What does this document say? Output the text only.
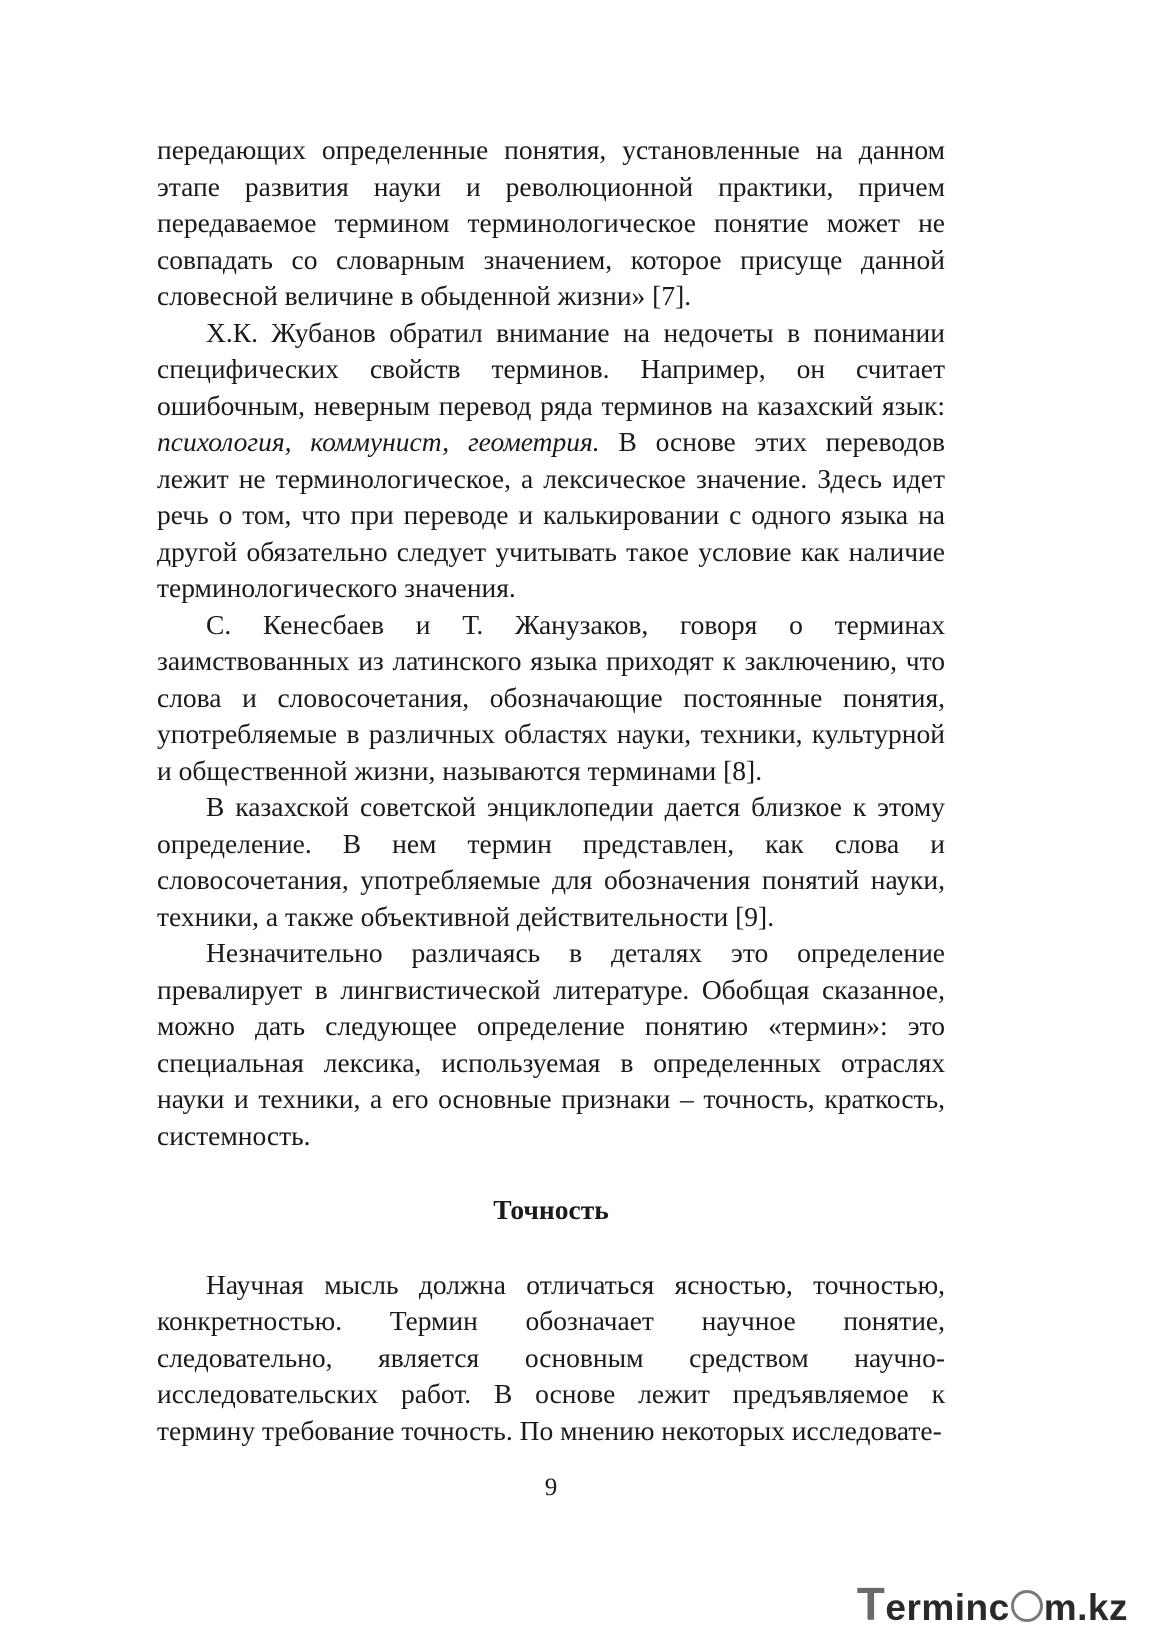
передающих определенные понятия, установленные на данном этапе развития науки и революционной практики, причем передаваемое термином терминологическое понятие может не совпадать со словарным значением, которое присуще данной словесной величине в обыденной жизни» [7].

Х.К. Жубанов обратил внимание на недочеты в понимании специфических свойств терминов. Например, он считает ошибочным, неверным перевод ряда терминов на казахский язык: психология, коммунист, геометрия. В основе этих переводов лежит не терминологическое, а лексическое значение. Здесь идет речь о том, что при переводе и калькировании с одного языка на другой обязательно следует учитывать такое условие как наличие терминологического значения.

С. Кенесбаев и Т. Жанузаков, говоря о терминах заимствованных из латинского языка приходят к заключению, что слова и словосочетания, обозначающие постоянные понятия, употребляемые в различных областях науки, техники, культурной и общественной жизни, называются терминами [8].

В казахской советской энциклопедии дается близкое к этому определение. В нем термин представлен, как слова и словосочетания, употребляемые для обозначения понятий науки, техники, а также объективной действительности [9].

Незначительно различаясь в деталях это определение превалирует в лингвистической литературе. Обобщая сказанное, можно дать следующее определение понятию «термин»: это специальная лексика, используемая в определенных отраслях науки и техники, а его основные признаки – точность, краткость, системность.

Точность

Научная мысль должна отличаться ясностью, точностью, конкретностью. Термин обозначает научное понятие, следовательно, является основным средством научно-исследовательских работ. В основе лежит предъявляемое к термину требование точность. По мнению некоторых исследовате-

9
Terminc m.kz
